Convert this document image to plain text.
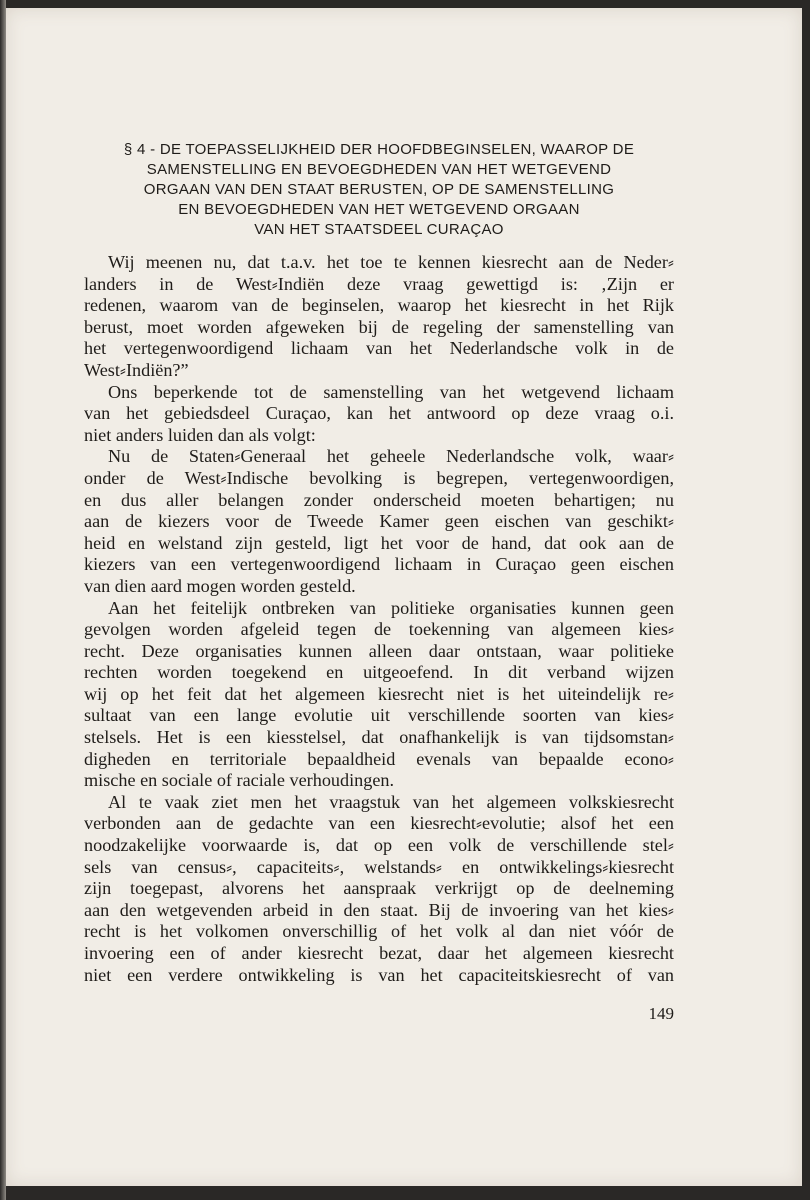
§ 4 - DE TOEPASSELIJKHEID DER HOOFDBEGINSELEN, WAAROP DE
SAMENSTELLING EN BEVOEGDHEDEN VAN HET WETGEVEND
ORGAAN VAN DEN STAAT BERUSTEN, OP DE SAMENSTELLING
EN BEVOEGDHEDEN VAN HET WETGEVEND ORGAAN
VAN HET STAATSDEEL CURAÇAO
Wij meenen nu, dat t.a.v. het toe te kennen kiesrecht aan de Neder⸗
landers in de West⸗Indiën deze vraag gewettigd is: ‚Zijn er
redenen, waarom van de beginselen, waarop het kiesrecht in het Rijk
berust, moet worden afgeweken bij de regeling der samenstelling van
het vertegenwoordigend lichaam van het Nederlandsche volk in de
West⸗Indiën?”
Ons beperkende tot de samenstelling van het wetgevend lichaam
van het gebiedsdeel Curaçao, kan het antwoord op deze vraag o.i.
niet anders luiden dan als volgt:
Nu de Staten⸗Generaal het geheele Nederlandsche volk, waar⸗
onder de West⸗Indische bevolking is begrepen, vertegenwoordigen,
en dus aller belangen zonder onderscheid moeten behartigen; nu
aan de kiezers voor de Tweede Kamer geen eischen van geschikt⸗
heid en welstand zijn gesteld, ligt het voor de hand, dat ook aan de
kiezers van een vertegenwoordigend lichaam in Curaçao geen eischen
van dien aard mogen worden gesteld.
Aan het feitelijk ontbreken van politieke organisaties kunnen geen
gevolgen worden afgeleid tegen de toekenning van algemeen kies⸗
recht. Deze organisaties kunnen alleen daar ontstaan, waar politieke
rechten worden toegekend en uitgeoefend. In dit verband wijzen
wij op het feit dat het algemeen kiesrecht niet is het uiteindelijk re⸗
sultaat van een lange evolutie uit verschillende soorten van kies⸗
stelsels. Het is een kiesstelsel, dat onafhankelijk is van tijdsomstan⸗
digheden en territoriale bepaaldheid evenals van bepaalde econo⸗
mische en sociale of raciale verhoudingen.
Al te vaak ziet men het vraagstuk van het algemeen volkskiesrecht
verbonden aan de gedachte van een kiesrecht⸗evolutie; alsof het een
noodzakelijke voorwaarde is, dat op een volk de verschillende stel⸗
sels van census⸗, capaciteits⸗, welstands⸗ en ontwikkelings⸗kiesrecht
zijn toegepast, alvorens het aanspraak verkrijgt op de deelneming
aan den wetgevenden arbeid in den staat. Bij de invoering van het kies⸗
recht is het volkomen onverschillig of het volk al dan niet vóór de
invoering een of ander kiesrecht bezat, daar het algemeen kiesrecht
niet een verdere ontwikkeling is van het capaciteitskiesrecht of van
149
